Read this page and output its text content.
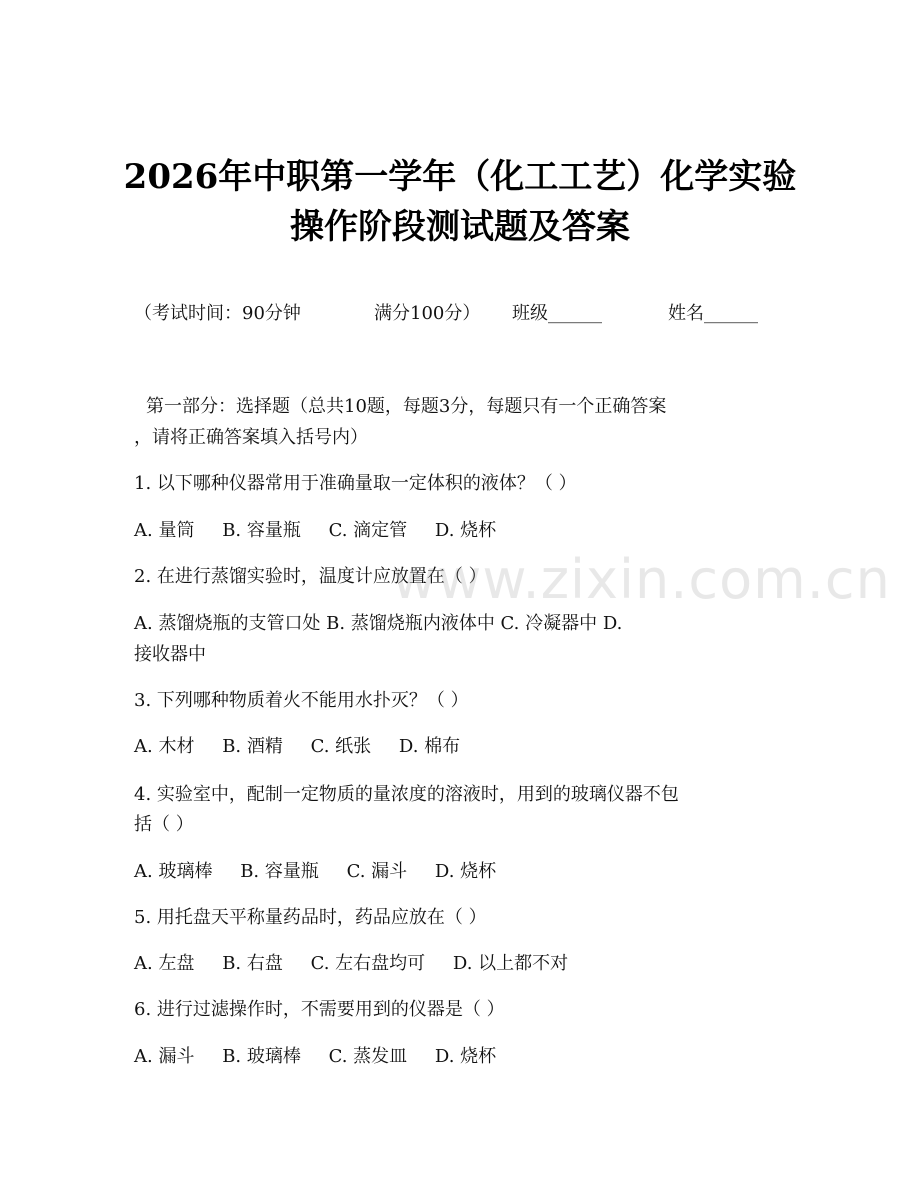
2026年中职第一学年（化工工艺）化学实验
操作阶段测试题及答案

（考试时间：90分钟

	满分100分）

班级______

	姓名______

第一部分：选择题（总共10题，每题3分，每题只有一个正确答案
，请将正确答案填入括号内）
1. 以下哪种仪器常用于准确量取一定体积的液体？（ ）
A. 量筒 B. 容量瓶 C. 滴定管 D. 烧杯
2. 在进行蒸馏实验时，温度计应放置在（ ）
A. 蒸馏烧瓶的支管口处 B. 蒸馏烧瓶内液体中 C. 冷凝器中 D.
接收器中
3. 下列哪种物质着火不能用水扑灭？（ ）
A. 木材 B. 酒精 C. 纸张 D. 棉布
4. 实验室中，配制一定物质的量浓度的溶液时，用到的玻璃仪器不包
括（ ）
A. 玻璃棒 B. 容量瓶 C. 漏斗 D. 烧杯
5. 用托盘天平称量药品时，药品应放在（ ）
A. 左盘 B. 右盘 C. 左右盘均可 D. 以上都不对
6. 进行过滤操作时，不需要用到的仪器是（ ）
A. 漏斗 B. 玻璃棒 C. 蒸发皿 D. 烧杯
www.zixin.com.cn
